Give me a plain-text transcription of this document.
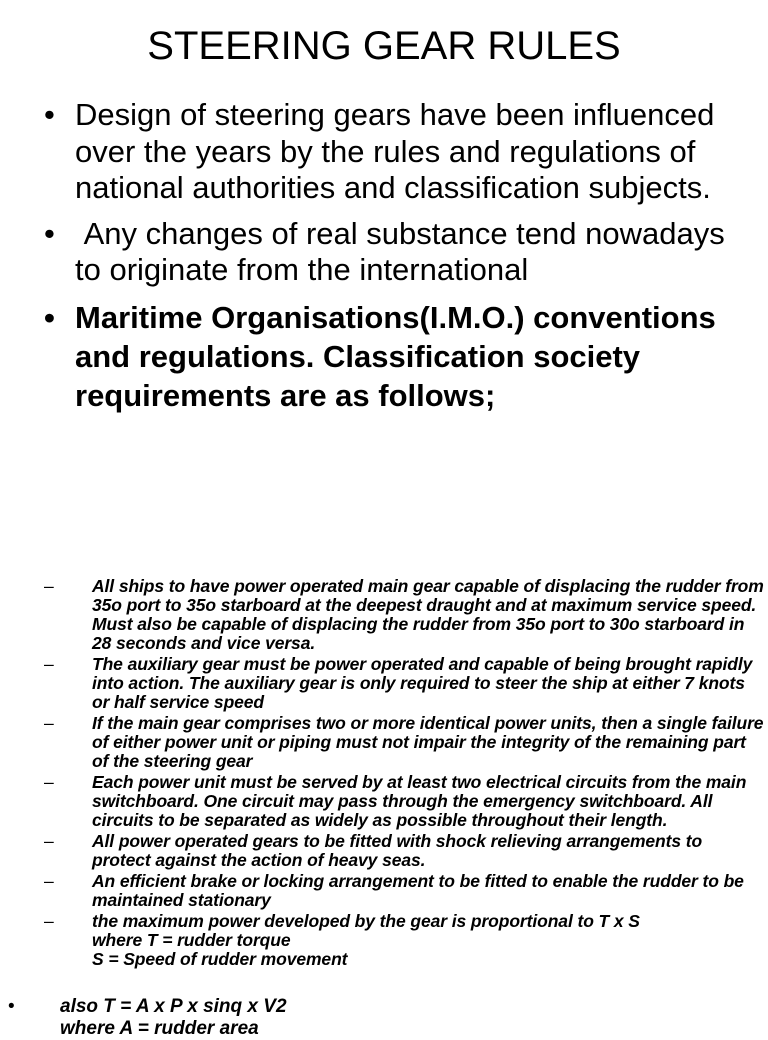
STEERING GEAR RULES
• Design of steering gears have been influenced over the years by the rules and regulations of national authorities and classification subjects.
• Any changes of real substance tend nowadays to originate from the international
• Maritime Organisations(I.M.O.) conventions and regulations. Classification society requirements are as follows;
– All ships to have power operated main gear capable of displacing the rudder from 35o port to 35o starboard at the deepest draught and at maximum service speed. Must also be capable of displacing the rudder from 35o port to 30o starboard in 28 seconds and vice versa.
– The auxiliary gear must be power operated and capable of being brought rapidly into action. The auxiliary gear is only required to steer the ship at either 7 knots or half service speed
– If the main gear comprises two or more identical power units, then a single failure of either power unit or piping must not impair the integrity of the remaining part of the steering gear
– Each power unit must be served by at least two electrical circuits from the main switchboard. One circuit may pass through the emergency switchboard. All circuits to be separated as widely as possible throughout their length.
– All power operated gears to be fitted with shock relieving arrangements to protect against the action of heavy seas.
– An efficient brake or locking arrangement to be fitted to enable the rudder to be maintained stationary
– the maximum power developed by the gear is proportional to T x S
where T = rudder torque
S = Speed of rudder movement
•	also T = A x P x sinq x V2
where A = rudder area
